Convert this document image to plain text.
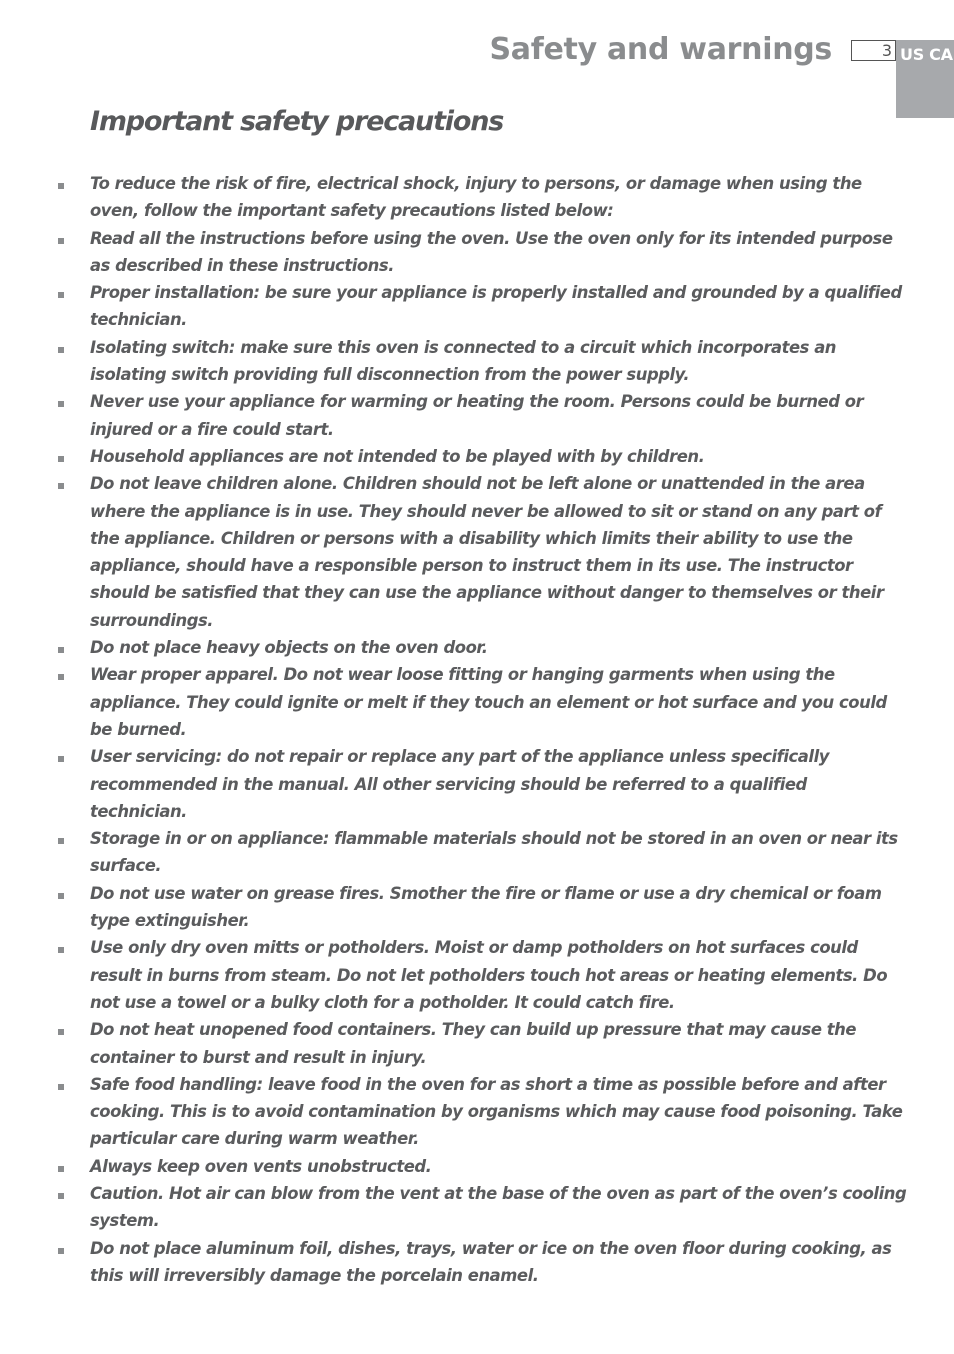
Safety and warnings	3 US CA
Important safety precautions
To reduce the risk of fire, electrical shock, injury to persons, or damage when using the oven, follow the important safety precautions listed below:
Read all the instructions before using the oven. Use the oven only for its intended purpose as described in these instructions.
Proper installation: be sure your appliance is properly installed and grounded by a qualified technician.
Isolating switch: make sure this oven is connected to a circuit which incorporates an isolating switch providing full disconnection from the power supply.
Never use your appliance for warming or heating the room. Persons could be burned or injured or a fire could start.
Household appliances are not intended to be played with by children.
Do not leave children alone. Children should not be left alone or unattended in the area where the appliance is in use. They should never be allowed to sit or stand on any part of the appliance. Children or persons with a disability which limits their ability to use the appliance, should have a responsible person to instruct them in its use. The instructor should be satisfied that they can use the appliance without danger to themselves or their surroundings.
Do not place heavy objects on the oven door.
Wear proper apparel. Do not wear loose fitting or hanging garments when using the appliance. They could ignite or melt if they touch an element or hot surface and you could be burned.
User servicing: do not repair or replace any part of the appliance unless specifically recommended in the manual. All other servicing should be referred to a qualified technician.
Storage in or on appliance: flammable materials should not be stored in an oven or near its surface.
Do not use water on grease fires. Smother the fire or flame or use a dry chemical or foam type extinguisher.
Use only dry oven mitts or potholders. Moist or damp potholders on hot surfaces could result in burns from steam. Do not let potholders touch hot areas or heating elements. Do not use a towel or a bulky cloth for a potholder. It could catch fire.
Do not heat unopened food containers. They can build up pressure that may cause the container to burst and result in injury.
Safe food handling: leave food in the oven for as short a time as possible before and after cooking. This is to avoid contamination by organisms which may cause food poisoning. Take particular care during warm weather.
Always keep oven vents unobstructed.
Caution. Hot air can blow from the vent at the base of the oven as part of the oven’s cooling system.
Do not place aluminum foil, dishes, trays, water or ice on the oven floor during cooking, as this will irreversibly damage the porcelain enamel.
